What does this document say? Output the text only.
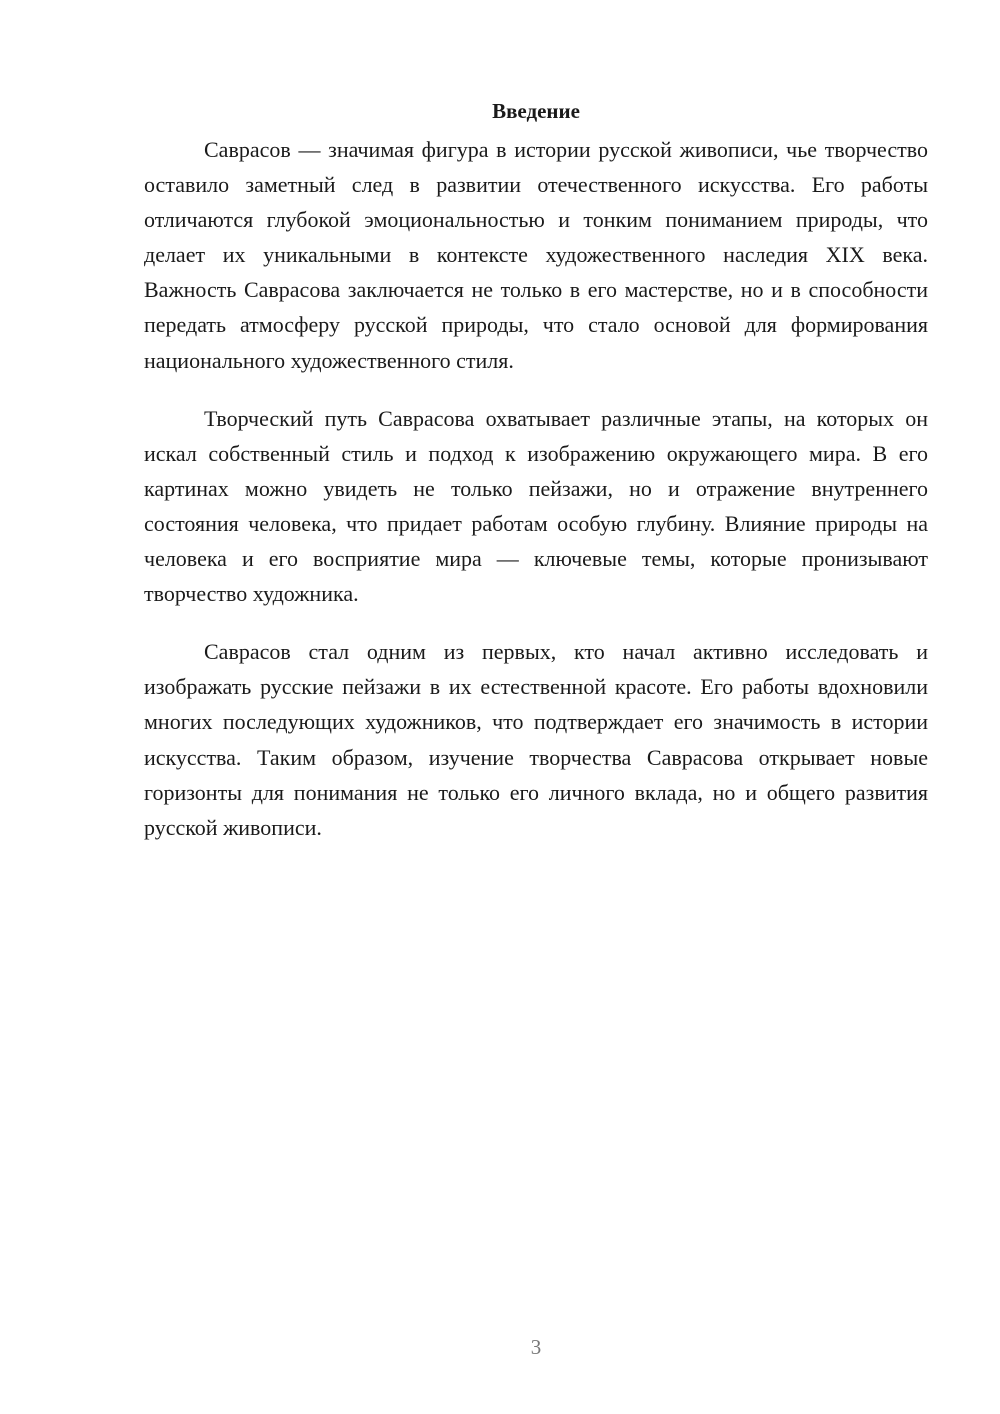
Введение

Саврасов — значимая фигура в истории русской живописи, чье творчество оставило заметный след в развитии отечественного искусства. Его работы отличаются глубокой эмоциональностью и тонким пониманием природы, что делает их уникальными в контексте художественного наследия XIX века. Важность Саврасова заключается не только в его мастерстве, но и в способности передать атмосферу русской природы, что стало основой для формирования национального художественного стиля.

Творческий путь Саврасова охватывает различные этапы, на которых он искал собственный стиль и подход к изображению окружающего мира. В его картинах можно увидеть не только пейзажи, но и отражение внутреннего состояния человека, что придает работам особую глубину. Влияние природы на человека и его восприятие мира — ключевые темы, которые пронизывают творчество художника.

Саврасов стал одним из первых, кто начал активно исследовать и изображать русские пейзажи в их естественной красоте. Его работы вдохновили многих последующих художников, что подтверждает его значимость в истории искусства. Таким образом, изучение творчества Саврасова открывает новые горизонты для понимания не только его личного вклада, но и общего развития русской живописи.

3
